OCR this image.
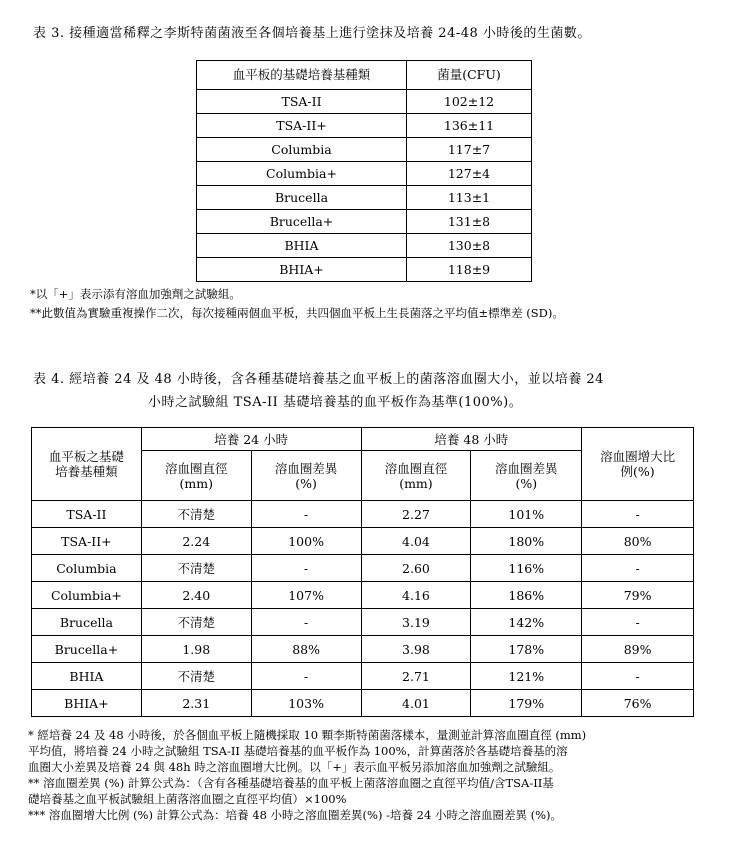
表 3. 接種適當稀釋之李斯特菌菌液至各個培養基上進行塗抹及培養 24-48 小時後的生菌數。
血平板的基礎培養基種類	菌量(CFU)
TSA-II	102±12
TSA-II+	136±11
Columbia	117±7
Columbia+	127±4
Brucella	113±1
Brucella+	131±8
BHIA	130±8
BHIA+	118±9
*以「+」表示添有溶血加強劑之試驗組。
**此數值為實驗重複操作二次，每次接種兩個血平板，共四個血平板上生長菌落之平均值±標準差 (SD)。
表 4. 經培養 24 及 48 小時後，含各種基礎培養基之血平板上的菌落溶血圈大小，並以培養 24
小時之試驗組 TSA-II 基礎培養基的血平板作為基準(100%)。
血平板之基礎培養基種類	培養 24 小時		培養 48 小時		溶血圈增大比例(%)
	溶血圈直徑(mm)	溶血圈差異(%)	溶血圈直徑(mm)	溶血圈差異(%)	
TSA-II	不清楚	-	2.27	101%	-
TSA-II+	2.24	100%	4.04	180%	80%
Columbia	不清楚	-	2.60	116%	-
Columbia+	2.40	107%	4.16	186%	79%
Brucella	不清楚	-	3.19	142%	-
Brucella+	1.98	88%	3.98	178%	89%
BHIA	不清楚	-	2.71	121%	-
BHIA+	2.31	103%	4.01	179%	76%
* 經培養 24 及 48 小時後，於各個血平板上隨機採取 10 顆李斯特菌菌落樣本，量測並計算溶血圈直徑 (mm)
平均值，將培養 24 小時之試驗組 TSA-II 基礎培養基的血平板作為 100%，計算菌落於各基礎培養基的溶
血圈大小差異及培養 24 與 48h 時之溶血圈增大比例。以「+」表示血平板另添加溶血加強劑之試驗組。
** 溶血圈差異 (%) 計算公式為：（含有各種基礎培養基的血平板上菌落溶血圈之直徑平均值/含TSA-II基
礎培養基之血平板試驗組上菌落溶血圈之直徑平均值）×100%
*** 溶血圈增大比例 (%) 計算公式為：培養 48 小時之溶血圈差異(%) -培養 24 小時之溶血圈差異 (%)。
